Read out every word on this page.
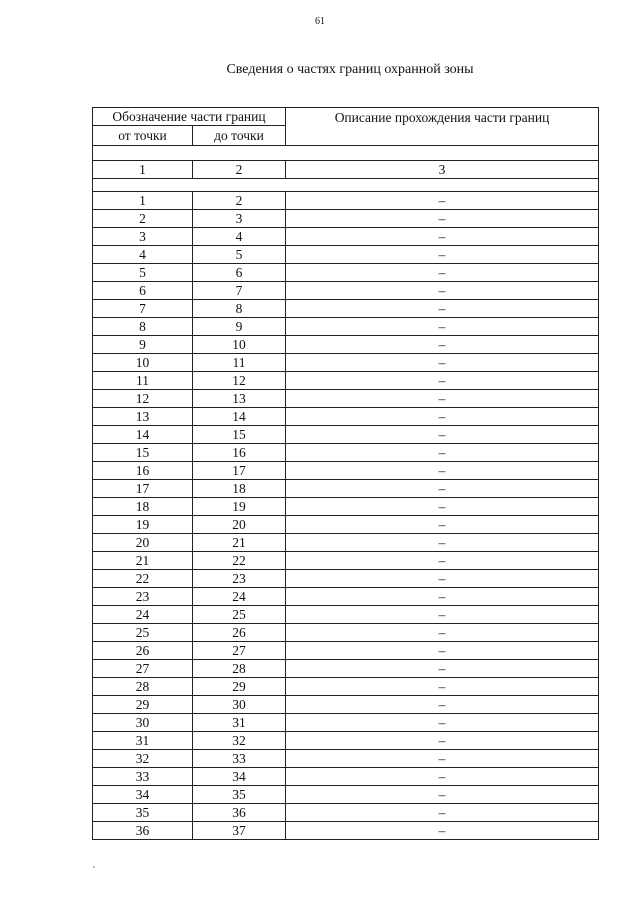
61
Сведения о частях границ охранной зоны
Обозначение части границ		Описание прохождения части границ
от точки	до точки	

1	2	3

1	2	–
2	3	–
3	4	–
4	5	–
5	6	–
6	7	–
7	8	–
8	9	–
9	10	–
10	11	–
11	12	–
12	13	–
13	14	–
14	15	–
15	16	–
16	17	–
17	18	–
18	19	–
19	20	–
20	21	–
21	22	–
22	23	–
23	24	–
24	25	–
25	26	–
26	27	–
27	28	–
28	29	–
29	30	–
30	31	–
31	32	–
32	33	–
33	34	–
34	35	–
35	36	–
36	37	–
